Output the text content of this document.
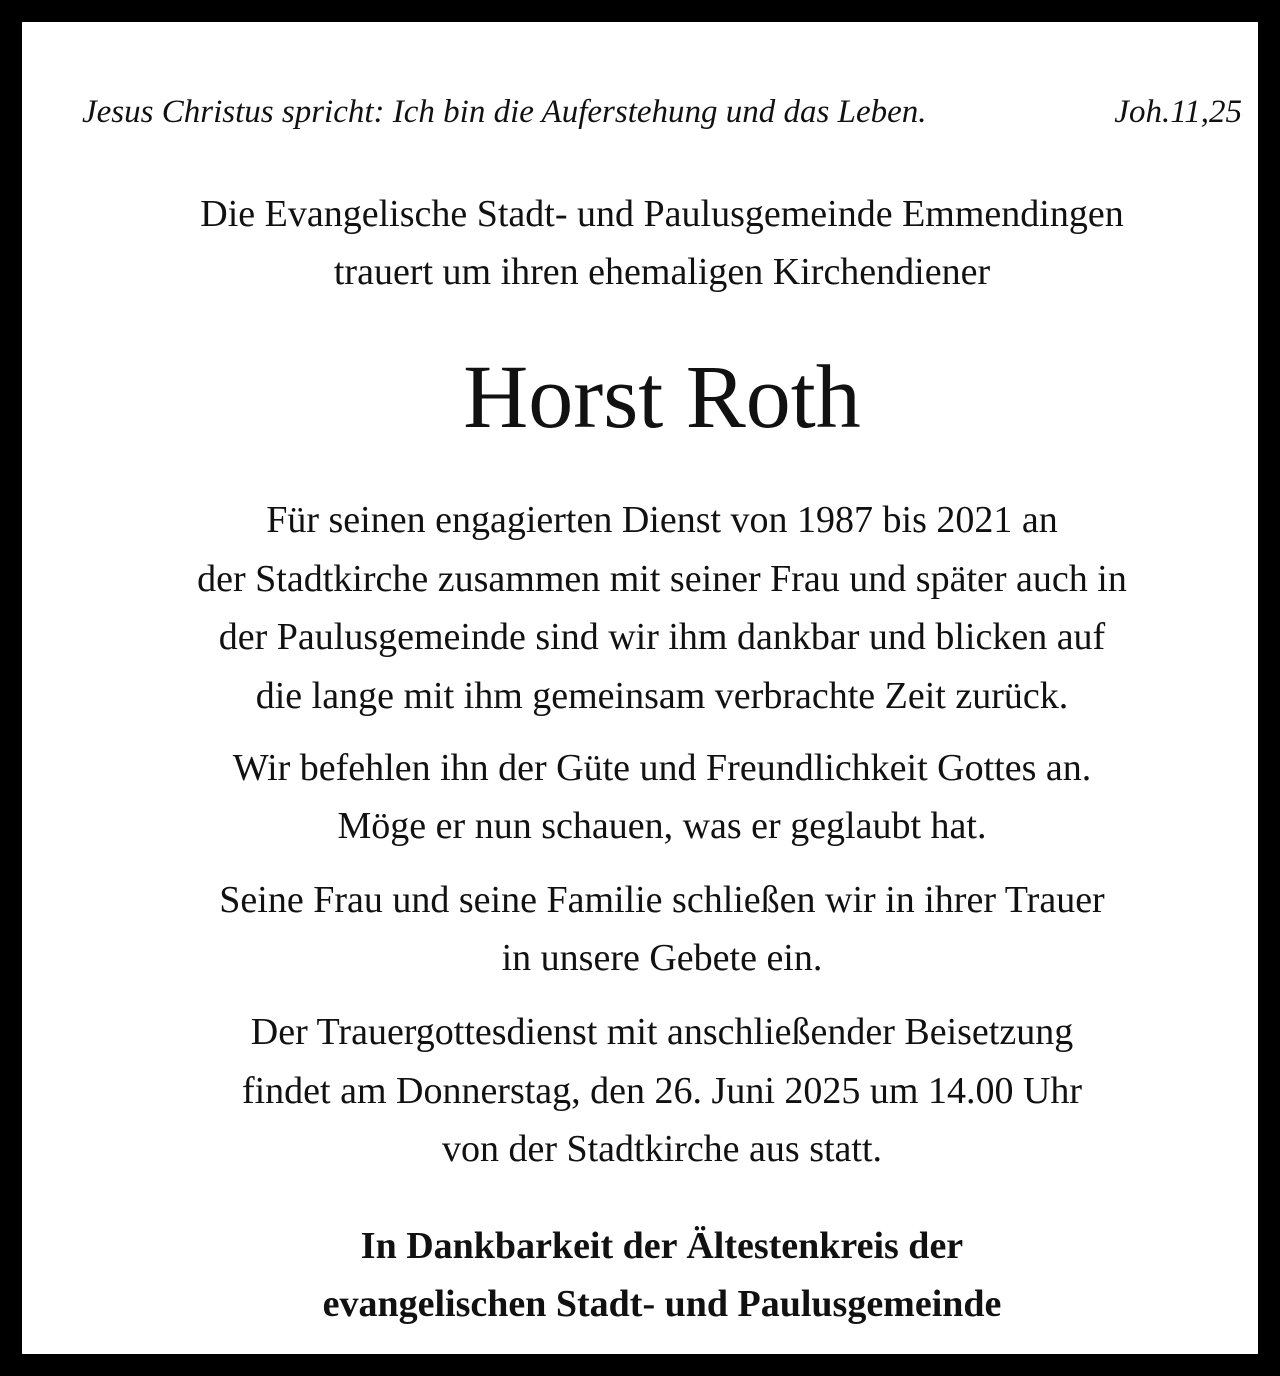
Jesus Christus spricht: Ich bin die Auferstehung und das Leben.	Joh.11,25
Die Evangelische Stadt- und Paulusgemeinde Emmendingen
trauert um ihren ehemaligen Kirchendiener
Horst Roth
Für seinen engagierten Dienst von 1987 bis 2021 an
der Stadtkirche zusammen mit seiner Frau und später auch in
der Paulusgemeinde sind wir ihm dankbar und blicken auf
die lange mit ihm gemeinsam verbrachte Zeit zurück.
Wir befehlen ihn der Güte und Freundlichkeit Gottes an.
Möge er nun schauen, was er geglaubt hat.
Seine Frau und seine Familie schließen wir in ihrer Trauer
in unsere Gebete ein.
Der Trauergottesdienst mit anschließender Beisetzung
findet am Donnerstag, den 26. Juni 2025 um 14.00 Uhr
von der Stadtkirche aus statt.
In Dankbarkeit der Ältestenkreis der
evangelischen Stadt- und Paulusgemeinde
